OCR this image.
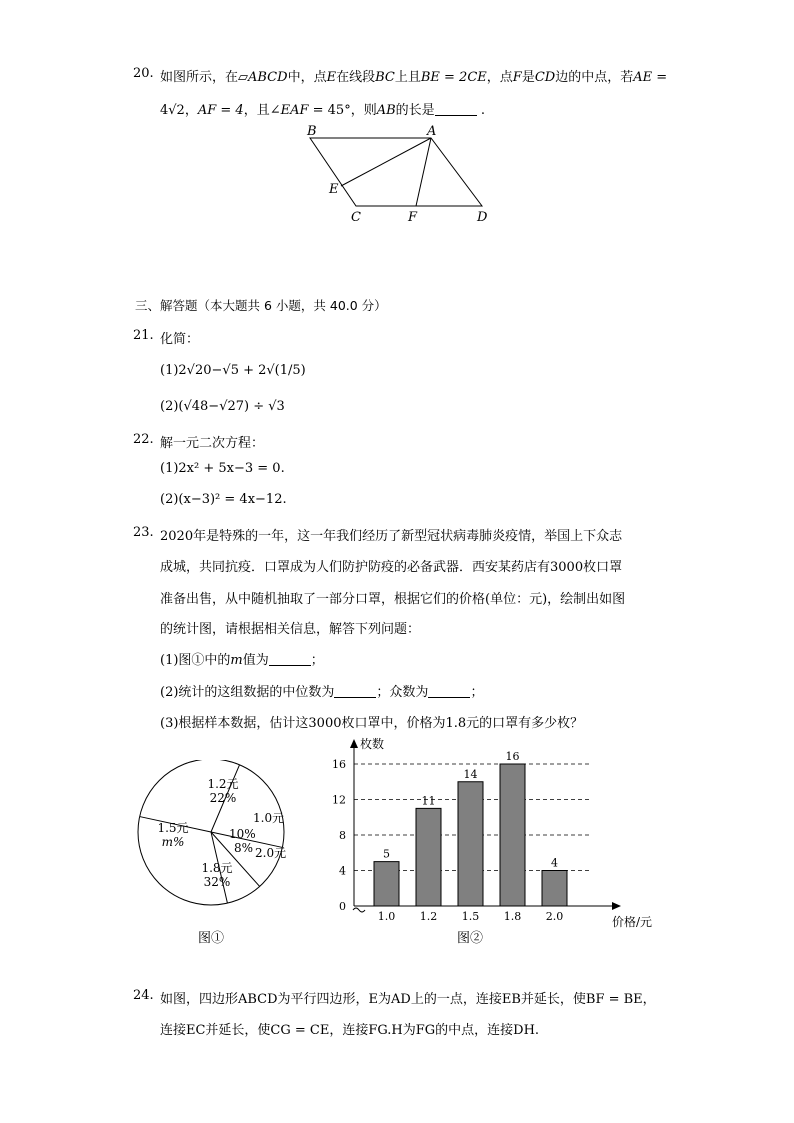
20. 如图所示，在▱ABCD中，点E在线段BC上且BE = 2CE，点F是CD边的中点，若AE =
4√2，AF = 4，且∠EAF = 45°，则AB的长是	.
B	A
E
C	F	D
三、解答题（本大题共 6 小题，共 40.0 分）
21. 化简：
(1)2√20−√5 + 2√(1/5)
(2)(√48−√27) ÷ √3
22. 解一元二次方程：
(1)2x² + 5x−3 = 0.
(2)(x−3)² = 4x−12.
23. 2020年是特殊的一年，这一年我们经历了新型冠状病毒肺炎疫情，举国上下众志
成城，共同抗疫．口罩成为人们防护防疫的必备武器．西安某药店有3000枚口罩
准备出售，从中随机抽取了一部分口罩，根据它们的价格(单位：元)，绘制出如图
的统计图，请根据相关信息，解答下列问题：
(1)图①中的m值为	；
(2)统计的这组数据的中位数为	；众数为	；
(3)根据样本数据，估计这3000枚口罩中，价格为1.8元的口罩有多少枚？
1.2元
22%
1.0元
10%
2.0元
8%
1.8元
32%
1.5元
m%
图①
0
4
8
12
16
5
1.0
11
1.2
14
1.5
16
1.8
4
2.0
枚数
价格/元
图②
24. 如图，四边形ABCD为平行四边形，E为AD上的一点，连接EB并延长，使BF = BE，
连接EC并延长，使CG = CE，连接FG.H为FG的中点，连接DH.
